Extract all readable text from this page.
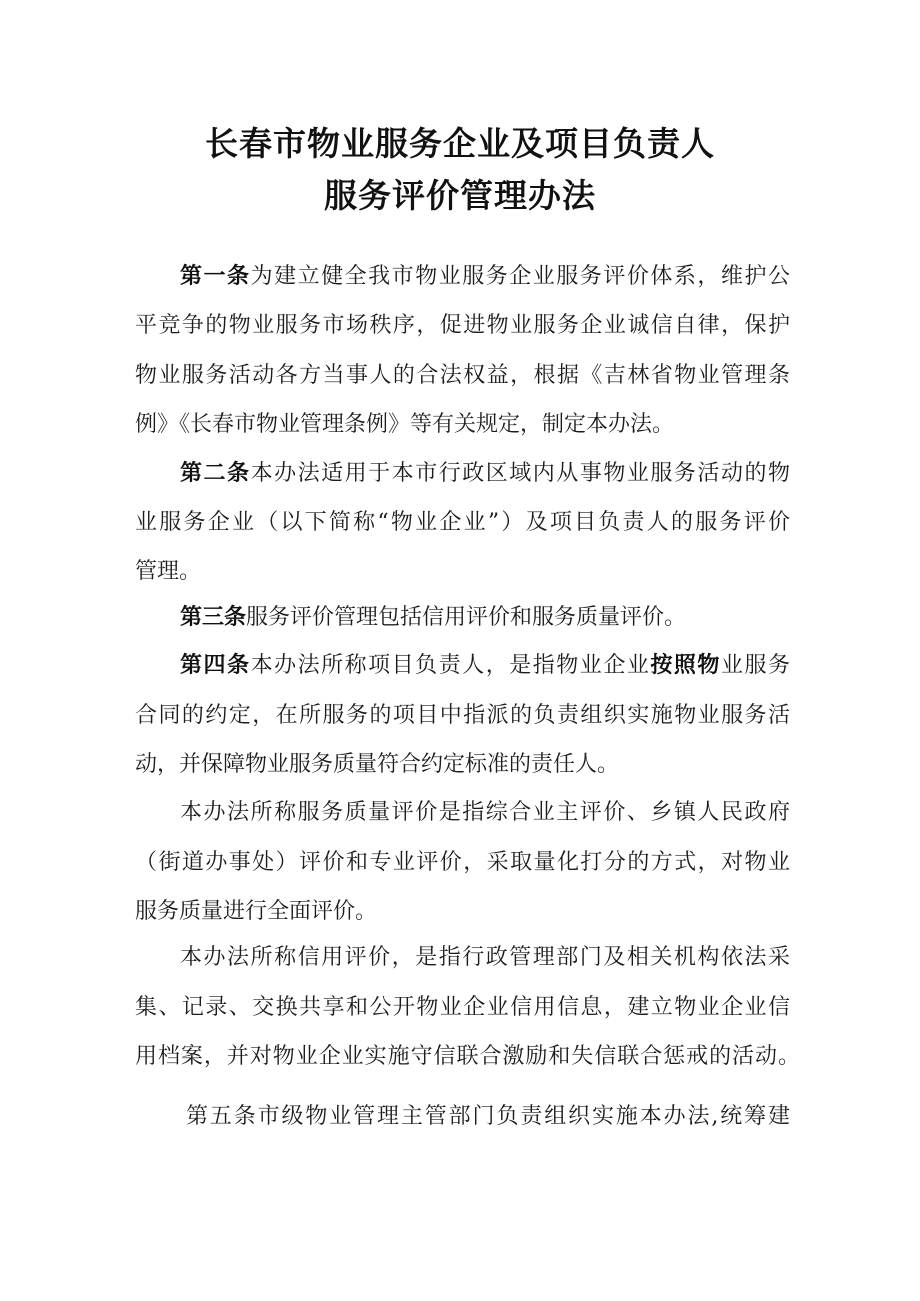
长春市物业服务企业及项目负责人
服务评价管理办法
第一条为建立健全我市物业服务企业服务评价体系，维护公
平竞争的物业服务市场秩序，促进物业服务企业诚信自律，保护
物业服务活动各方当事人的合法权益，根据《吉林省物业管理条
例》《长春市物业管理条例》等有关规定，制定本办法。
第二条本办法适用于本市行政区域内从事物业服务活动的物
业服务企业（以下简称“物业企业”）及项目负责人的服务评价
管理。
第三条服务评价管理包括信用评价和服务质量评价。
第四条本办法所称项目负责人，是指物业企业按照物业服务
合同的约定，在所服务的项目中指派的负责组织实施物业服务活
动，并保障物业服务质量符合约定标准的责任人。
本办法所称服务质量评价是指综合业主评价、乡镇人民政府
（街道办事处）评价和专业评价，采取量化打分的方式，对物业
服务质量进行全面评价。
本办法所称信用评价，是指行政管理部门及相关机构依法采
集、记录、交换共享和公开物业企业信用信息，建立物业企业信
用档案，并对物业企业实施守信联合激励和失信联合惩戒的活动。
第五条市级物业管理主管部门负责组织实施本办法,统筹建
